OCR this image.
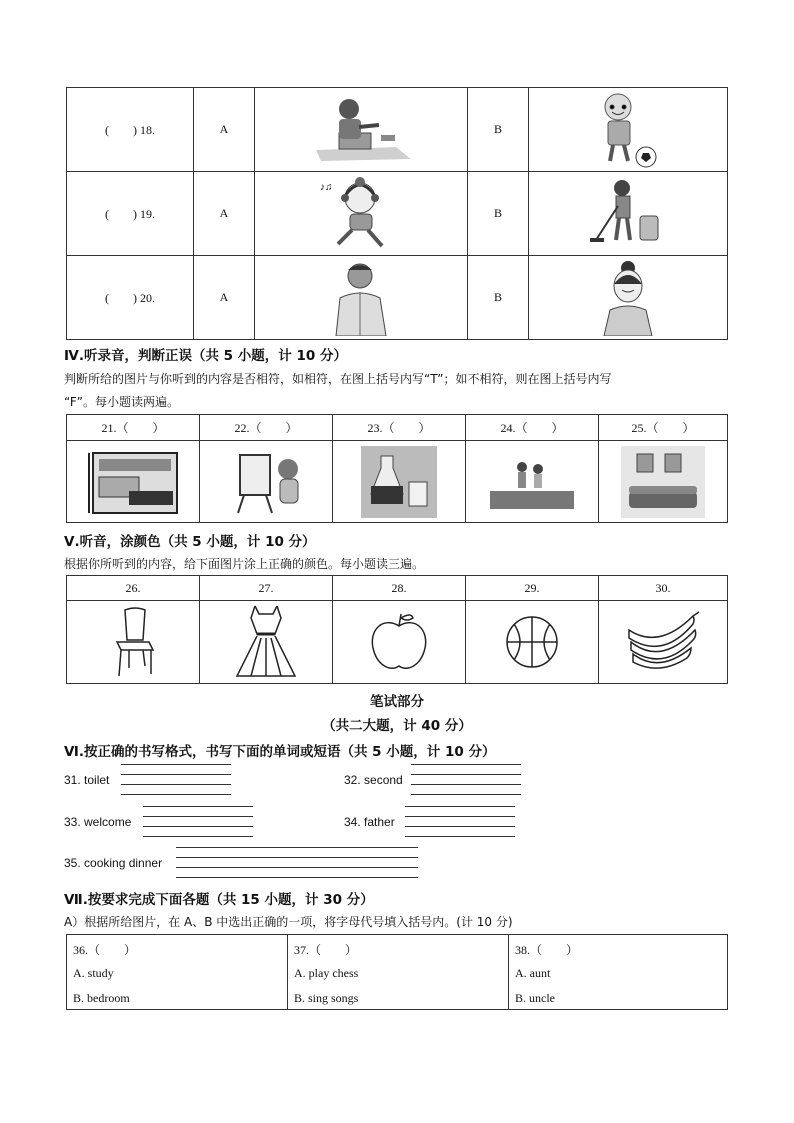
(　　) 18.	A		B	

(　　) 19.	A	♪♫	B	

(　　) 20.	A		B	
Ⅳ.听录音，判断正误（共 5 小题，计 10 分）
判断所给的图片与你听到的内容是否相符，如相符，在图上括号内写“T”；如不相符，则在图上括号内写
“F”。每小题读两遍。
21.（　　）	22.（　　）	23.（　　）	24.（　　）	25.（　　）

Ⅴ.听音，涂颜色（共 5 小题，计 10 分）
根据你所听到的内容，给下面图片涂上正确的颜色。每小题读三遍。
26.	27.	28.	29.	30.

笔试部分
（共二大题，计 40 分）
Ⅵ.按正确的书写格式，书写下面的单词或短语（共 5 小题，计 10 分）
31. toilet	32. second
33. welcome	34. father
35. cooking dinner
Ⅶ.按要求完成下面各题（共 15 小题，计 30 分）
A）根据所给图片，在 A、B 中选出正确的一项，将字母代号填入括号内。(计 10 分)
36.（　　）
A. study
B. bedroom

37.（　　）
A. play chess
B. sing songs

38.（　　）
A. aunt
B. uncle
